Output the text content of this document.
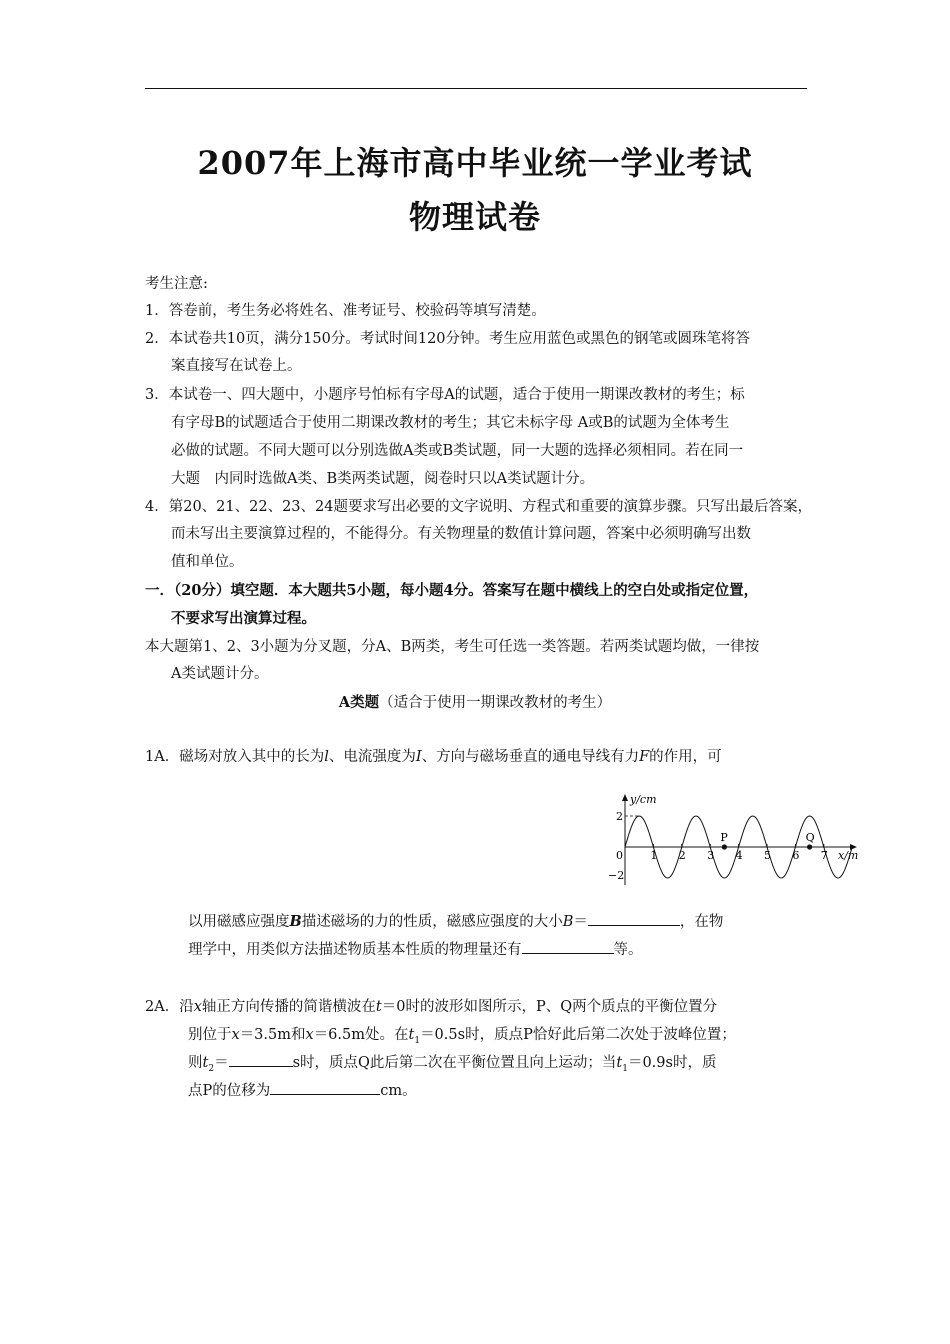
2007年上海市高中毕业统一学业考试
物理试卷
考生注意:
1．答卷前，考生务必将姓名、准考证号、校验码等填写清楚。
2．本试卷共10页，满分150分。考试时间120分钟。考生应用蓝色或黑色的钢笔或圆珠笔将答
案直接写在试卷上。
3．本试卷一、四大题中，小题序号怕标有字母A的试题，适合于使用一期课改教材的考生；标
有字母B的试题适合于使用二期课改教材的考生；其它未标字母 A或B的试题为全体考生
必做的试题。不同大题可以分别选做A类或B类试题，同一大题的选择必须相同。若在同一
大题　内同时选做A类、B类两类试题，阅卷时只以A类试题计分。
4．第20、21、22、23、24题要求写出必要的文字说明、方程式和重要的演算步骤。只写出最后答案，
而未写出主要演算过程的，不能得分。有关物理量的数值计算问题，答案中必须明确写出数
值和单位。
一．（20分）填空题．本大题共5小题，每小题4分。答案写在题中横线上的空白处或指定位置，
不要求写出演算过程。
本大题第1、2、3小题为分叉题，分A、B两类，考生可任选一类答题。若两类试题均做，一律按
A类试题计分。
A类题（适合于使用一期课改教材的考生）
1A．磁场对放入其中的长为l、电流强度为I、方向与磁场垂直的通电导线有力F的作用，可
y/cm
x/m
2
−2
0 1 2 3 4 5 6 7
P	Q
以用磁感应强度B描述磁场的力的性质，磁感应强度的大小B＝	，在物
理学中，用类似方法描述物质基本性质的物理量还有	等。
2A．沿x轴正方向传播的简谐横波在t＝0时的波形如图所示，P、Q两个质点的平衡位置分
别位于x＝3.5m和x＝6.5m处。在$t_1=0.5s$时，质点P恰好此后第二次处于波峰位置；
则$t_2=$	s时，质点Q此后第二次在平衡位置且向上运动；当$t_1=0.9s$时，质
点P的位移为	cm。
